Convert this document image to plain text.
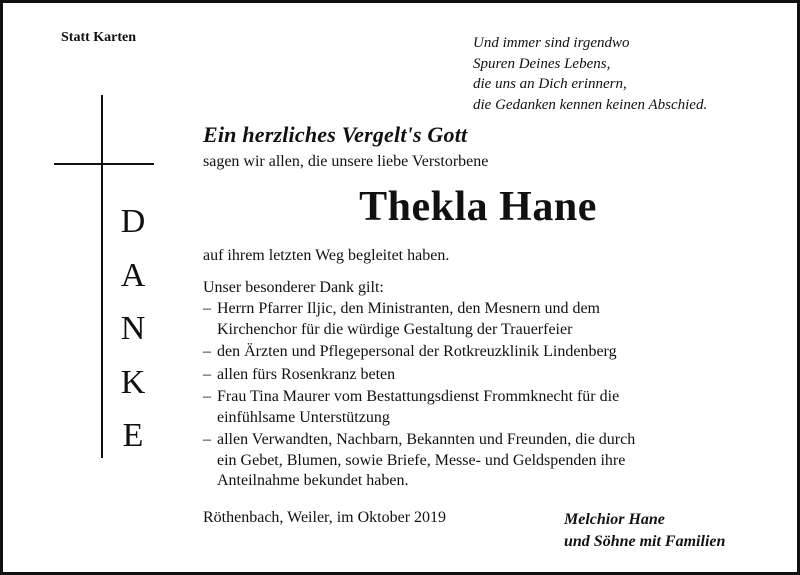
Statt Karten	Und immer sind irgendwo
Spuren Deines Lebens,
die uns an Dich erinnern,
die Gedanken kennen keinen Abschied.
D
A
N
K
E
Ein herzliches Vergelt's Gott
sagen wir allen, die unsere liebe Verstorbene
Thekla Hane
auf ihrem letzten Weg begleitet haben.
Unser besonderer Dank gilt:
– Herrn Pfarrer Iljic, den Ministranten, den Mesnern und dem
Kirchenchor für die würdige Gestaltung der Trauerfeier
– den Ärzten und Pflegepersonal der Rotkreuzklinik Lindenberg
– allen fürs Rosenkranz beten
– Frau Tina Maurer vom Bestattungsdienst Frommknecht für die
einfühlsame Unterstützung
– allen Verwandten, Nachbarn, Bekannten und Freunden, die durch
ein Gebet, Blumen, sowie Briefe, Messe- und Geldspenden ihre
Anteilnahme bekundet haben.
Röthenbach, Weiler, im Oktober 2019	Melchior Hane
und Söhne mit Familien
